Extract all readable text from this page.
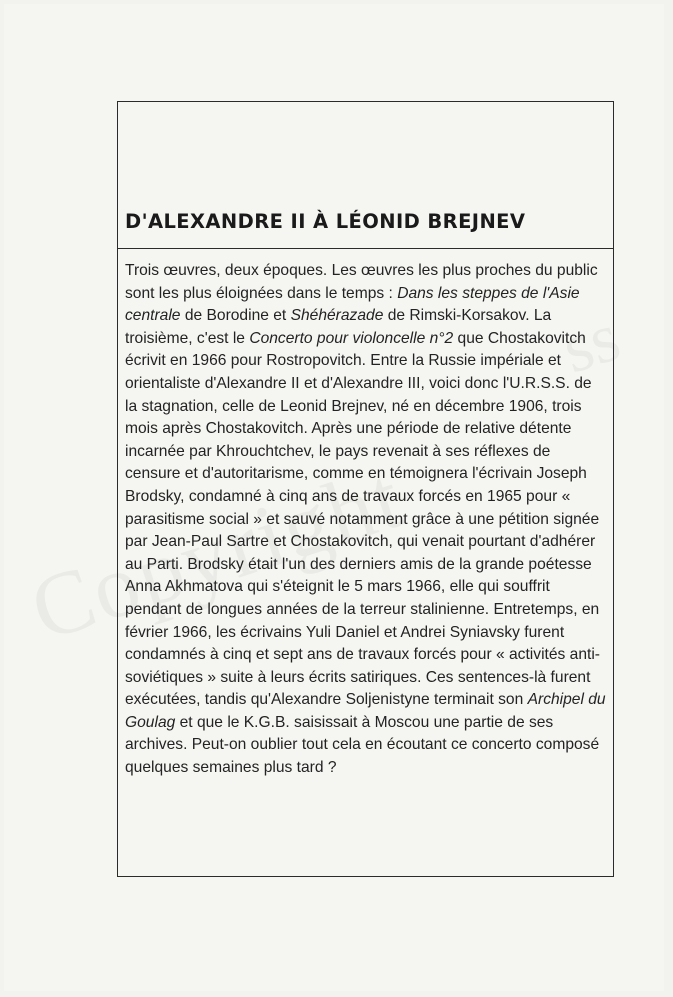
D'ALEXANDRE II À LÉONID BREJNEV

Trois œuvres, deux époques. Les œuvres les plus proches du public sont les plus éloignées dans le temps : Dans les steppes de l'Asie centrale de Borodine et Shéhérazade de Rimski-Korsakov. La troisième, c'est le Concerto pour violoncelle n°2 que Chostakovitch écrivit en 1966 pour Rostropovitch. Entre la Russie impériale et orientaliste d'Alexandre II et d'Alexandre III, voici donc l'U.R.S.S. de la stagnation, celle de Leonid Brejnev, né en décembre 1906, trois mois après Chostakovitch. Après une période de relative détente incarnée par Khrouchtchev, le pays revenait à ses réflexes de censure et d'autoritarisme, comme en témoignera l'écrivain Joseph Brodsky, condamné à cinq ans de travaux forcés en 1965 pour « parasitisme social » et sauvé notamment grâce à une pétition signée par Jean-Paul Sartre et Chostakovitch, qui venait pourtant d'adhérer au Parti. Brodsky était l'un des derniers amis de la grande poétesse Anna Akhmatova qui s'éteignit le 5 mars 1966, elle qui souffrit pendant de longues années de la terreur stalinienne. Entretemps, en février 1966, les écrivains Yuli Daniel et Andrei Syniavsky furent condamnés à cinq et sept ans de travaux forcés pour « activités anti-soviétiques » suite à leurs écrits satiriques. Ces sentences-là furent exécutées, tandis qu'Alexandre Soljenistyne terminait son Archipel du Goulag et que le K.G.B. saisissait à Moscou une partie de ses archives. Peut-on oublier tout cela en écoutant ce concerto composé quelques semaines plus tard ?
